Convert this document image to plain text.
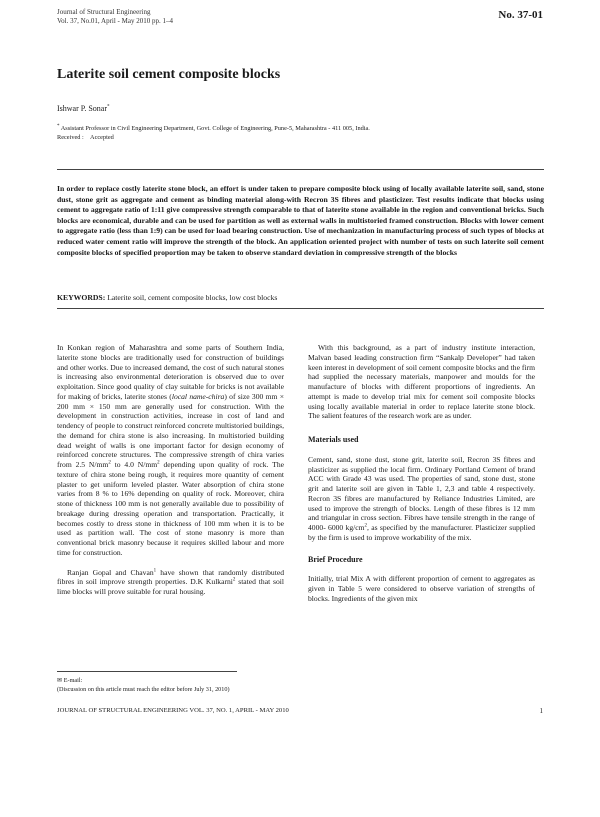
Journal of Structural Engineering
Vol. 37, No.01, April - May 2010 pp. 1–4	No. 37-01
Laterite soil cement composite blocks
Ishwar P. Sonar*
* Assistant Professor in Civil Engineering Department, Govt. College of Engineering, Pune-5, Maharashtra - 411 005, India.
Received : Accepted
In order to replace costly laterite stone block, an effort is under taken to prepare composite block using of locally available laterite soil, sand, stone dust, stone grit as aggregate and cement as binding material along-with Recron 3S fibres and plasticizer. Test results indicate that blocks using cement to aggregate ratio of 1:11 give compressive strength comparable to that of laterite stone available in the region and conventional bricks. Such blocks are economical, durable and can be used for partition as well as external walls in multistoried framed construction. Blocks with lower cement to aggregate ratio (less than 1:9) can be used for load bearing construction. Use of mechanization in manufacturing process of such types of blocks at reduced water cement ratio will improve the strength of the block. An application oriented project with number of tests on such laterite soil cement composite blocks of specified proportion may be taken to observe standard deviation in compressive strength of the blocks
KEYWORDS: Laterite soil, cement composite blocks, low cost blocks

In Konkan region of Maharashtra and some parts of Southern India, laterite stone blocks are traditionally used for construction of buildings and other works. Due to increased demand, the cost of such natural stones is increasing also environmental deterioration is observed due to over exploitation. Since good quality of clay suitable for bricks is not available for making of bricks, laterite stones (local name-chira) of size 300 mm × 200 mm × 150 mm are generally used for construction. With the development in construction activities, increase in cost of land and tendency of people to construct reinforced concrete multistoried buildings, the demand for chira stone is also increasing. In multistoried building dead weight of walls is one important factor for design economy of reinforced concrete structures. The compressive strength of chira varies from 2.5 $N/mm^2$ to 4.0 $N/mm^2$ depending upon quality of rock. The texture of chira stone being rough, it requires more quantity of cement plaster to get uniform leveled plaster. Water absorption of chira stone varies from 8 % to 16% depending on quality of rock. Moreover, chira stone of thickness 100 mm is not generally available due to possibility of breakage during dressing operation and transportation. Practically, it becomes costly to dress stone in thickness of 100 mm when it is to be used as partition wall. The cost of stone masonry is more than conventional brick masonry because it requires skilled labour and more time for construction.

Ranjan Gopal and Chavan$^1$ have shown that randomly distributed fibres in soil improve strength properties. D.K Kulkarni$^2$ stated that soil lime blocks will prove suitable for rural housing.

With this background, as a part of industry institute interaction, Malvan based leading construction firm “Sankalp Developer” had taken keen interest in development of soil cement composite blocks and the firm had supplied the necessary materials, manpower and moulds for the manufacture of blocks with different proportions of ingredients. An attempt is made to develop trial mix for cement soil composite blocks using locally available material in order to replace laterite stone block. The salient features of the research work are as under.

Materials used

Cement, sand, stone dust, stone grit, laterite soil, Recron 3S fibres and plasticizer as supplied the local firm. Ordinary Portland Cement of brand ACC with Grade 43 was used. The properties of sand, stone dust, stone grit and laterite soil are given in Table 1, 2,3 and table 4 respectively. Recron 3S fibres are manufactured by Reliance Industries Limited, are used to improve the strength of blocks. Length of these fibres is 12 mm and triangular in cross section. Fibres have tensile strength in the range of 4000- 6000 $kg/cm^2$, as specified by the manufacturer. Plasticizer supplied by the firm is used to improve workability of the mix.

Brief Procedure

Initially, trial Mix A with different proportion of cement to aggregates as given in Table 5 were considered to observe variation of strengths of blocks. Ingredients of the given mix

✉ E-mail:
(Discussion on this article must reach the editor before July 31, 2010)
JOURNAL OF STRUCTURAL ENGINEERING VOL. 37, NO. 1, APRIL - MAY 2010	1
